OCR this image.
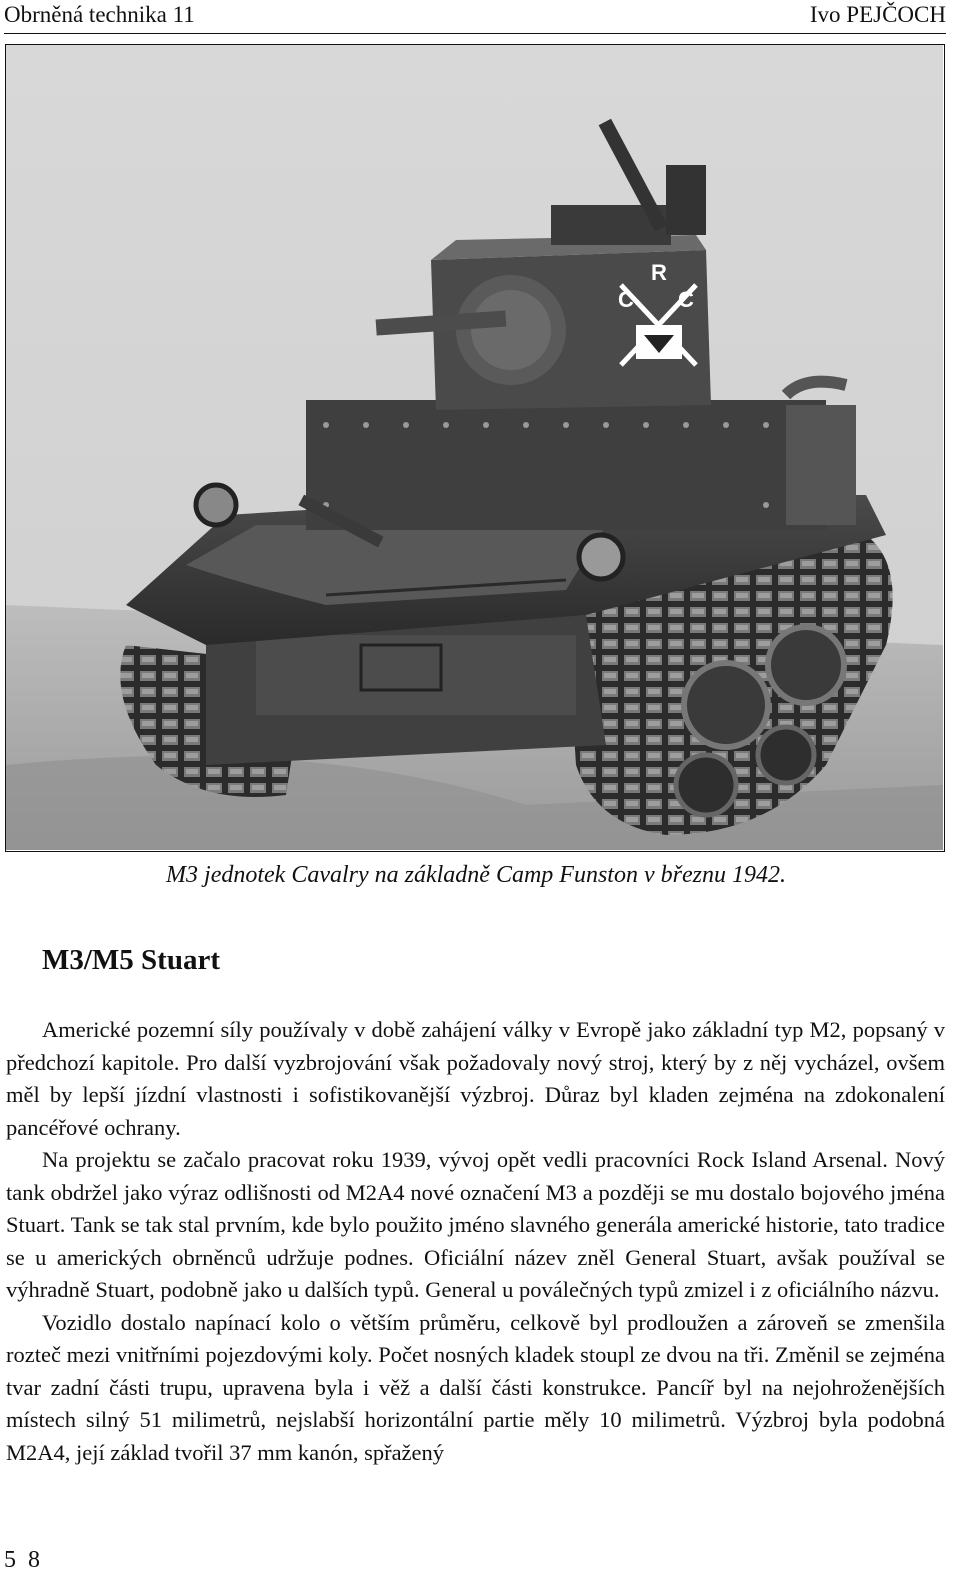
Obrněná technika 11	Ivo PEJČOCH
R
C C
M3 jednotek Cavalry na základně Camp Funston v březnu 1942.
M3/M5 Stuart

Americké pozemní síly používaly v době zahájení války v Evropě jako základní typ M2, popsaný v předchozí kapitole. Pro další vyzbrojování však požadovaly nový stroj, který by z něj vycházel, ovšem měl by lepší jízdní vlastnosti i sofistikovanější výzbroj. Důraz byl kladen zejména na zdokonalení pancéřové ochrany.

Na projektu se začalo pracovat roku 1939, vývoj opět vedli pracovníci Rock Island Arsenal. Nový tank obdržel jako výraz odlišnosti od M2A4 nové označení M3 a později se mu dostalo bojového jména Stuart. Tank se tak stal prvním, kde bylo použito jméno slavného generála americké historie, tato tradice se u amerických obrněnců udržuje podnes. Oficiální název zněl General Stuart, avšak používal se výhradně Stuart, podobně jako u dalších typů. General u poválečných typů zmizel i z oficiálního názvu.

Vozidlo dostalo napínací kolo o větším průměru, celkově byl prodloužen a zároveň se zmenšila rozteč mezi vnitřními pojezdovými koly. Počet nosných kladek stoupl ze dvou na tři. Změnil se zejména tvar zadní části trupu, upravena byla i věž a další části konstrukce. Pancíř byl na nejohroženějších místech silný 51 milimetrů, nejslabší horizontální partie měly 10 milimetrů. Výzbroj byla podobná M2A4, její základ tvořil 37 mm kanón, spřažený

5 8
